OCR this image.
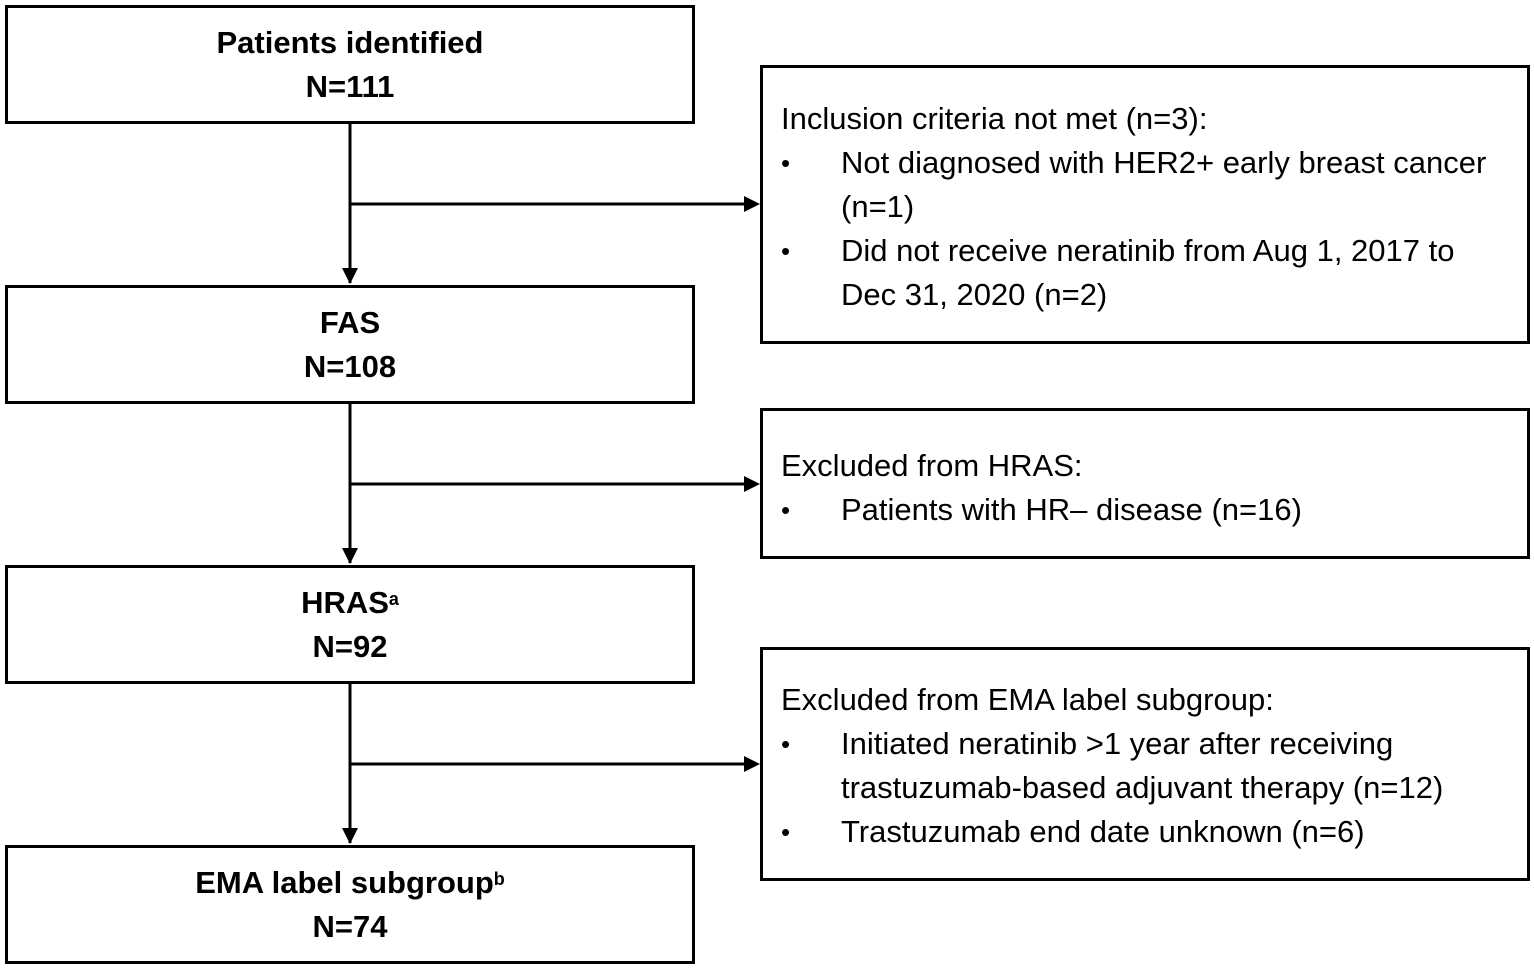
Patients identified
N=111
FAS
N=108
HRAS$^a$
N=92
EMA label subgroup$^b$
N=74

Inclusion criteria not met (n=3):

•	Not diagnosed with HER2+ early breast cancer (n=1)
•	Did not receive neratinib from Aug 1, 2017 to Dec 31, 2020 (n=2)

Excluded from HRAS:

•	Patients with HR– disease (n=16)

Excluded from EMA label subgroup:

•	Initiated neratinib >1 year after receiving trastuzumab-based adjuvant therapy (n=12)
•	Trastuzumab end date unknown (n=6)
